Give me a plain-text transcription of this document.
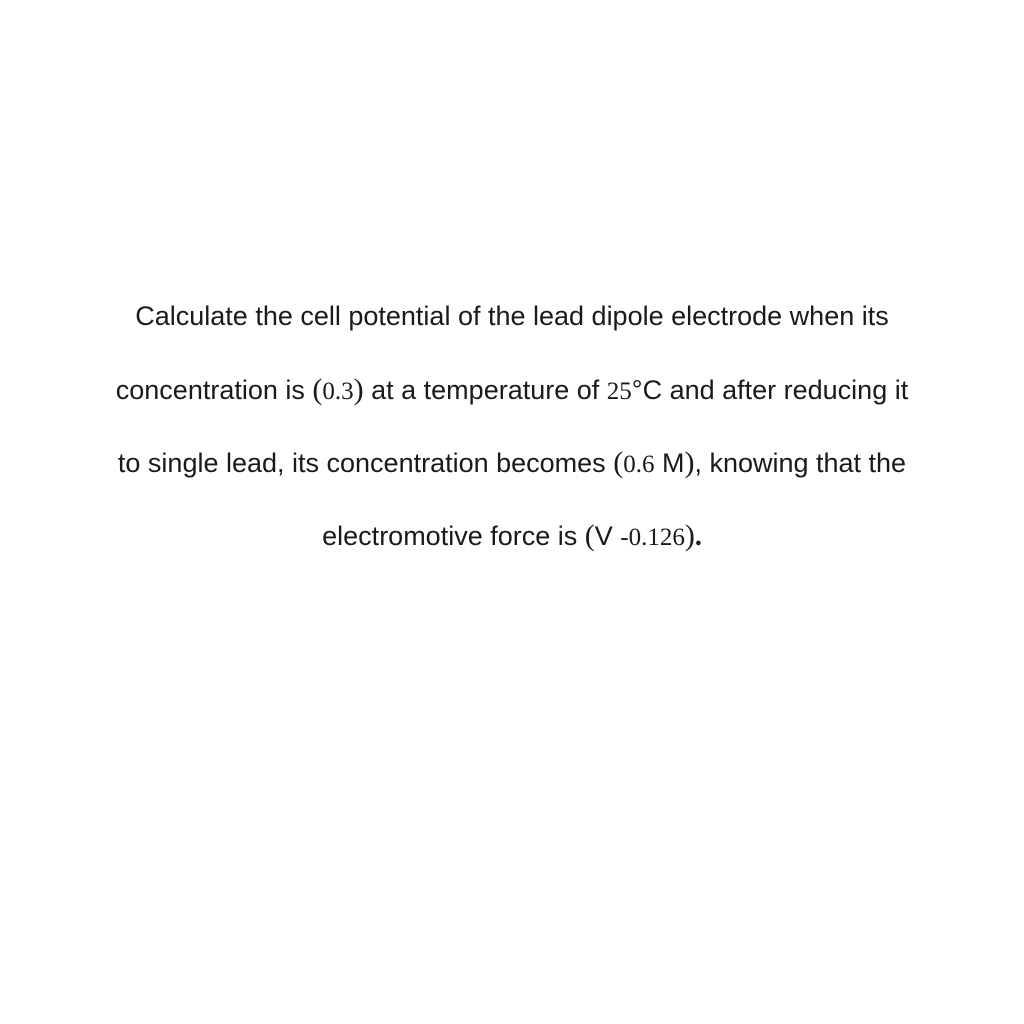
Calculate the cell potential of the lead dipole electrode when its
concentration is (0.3) at a temperature of 25°C and after reducing it
to single lead, its concentration becomes (0.6 M), knowing that the
electromotive force is (V -0.126).
